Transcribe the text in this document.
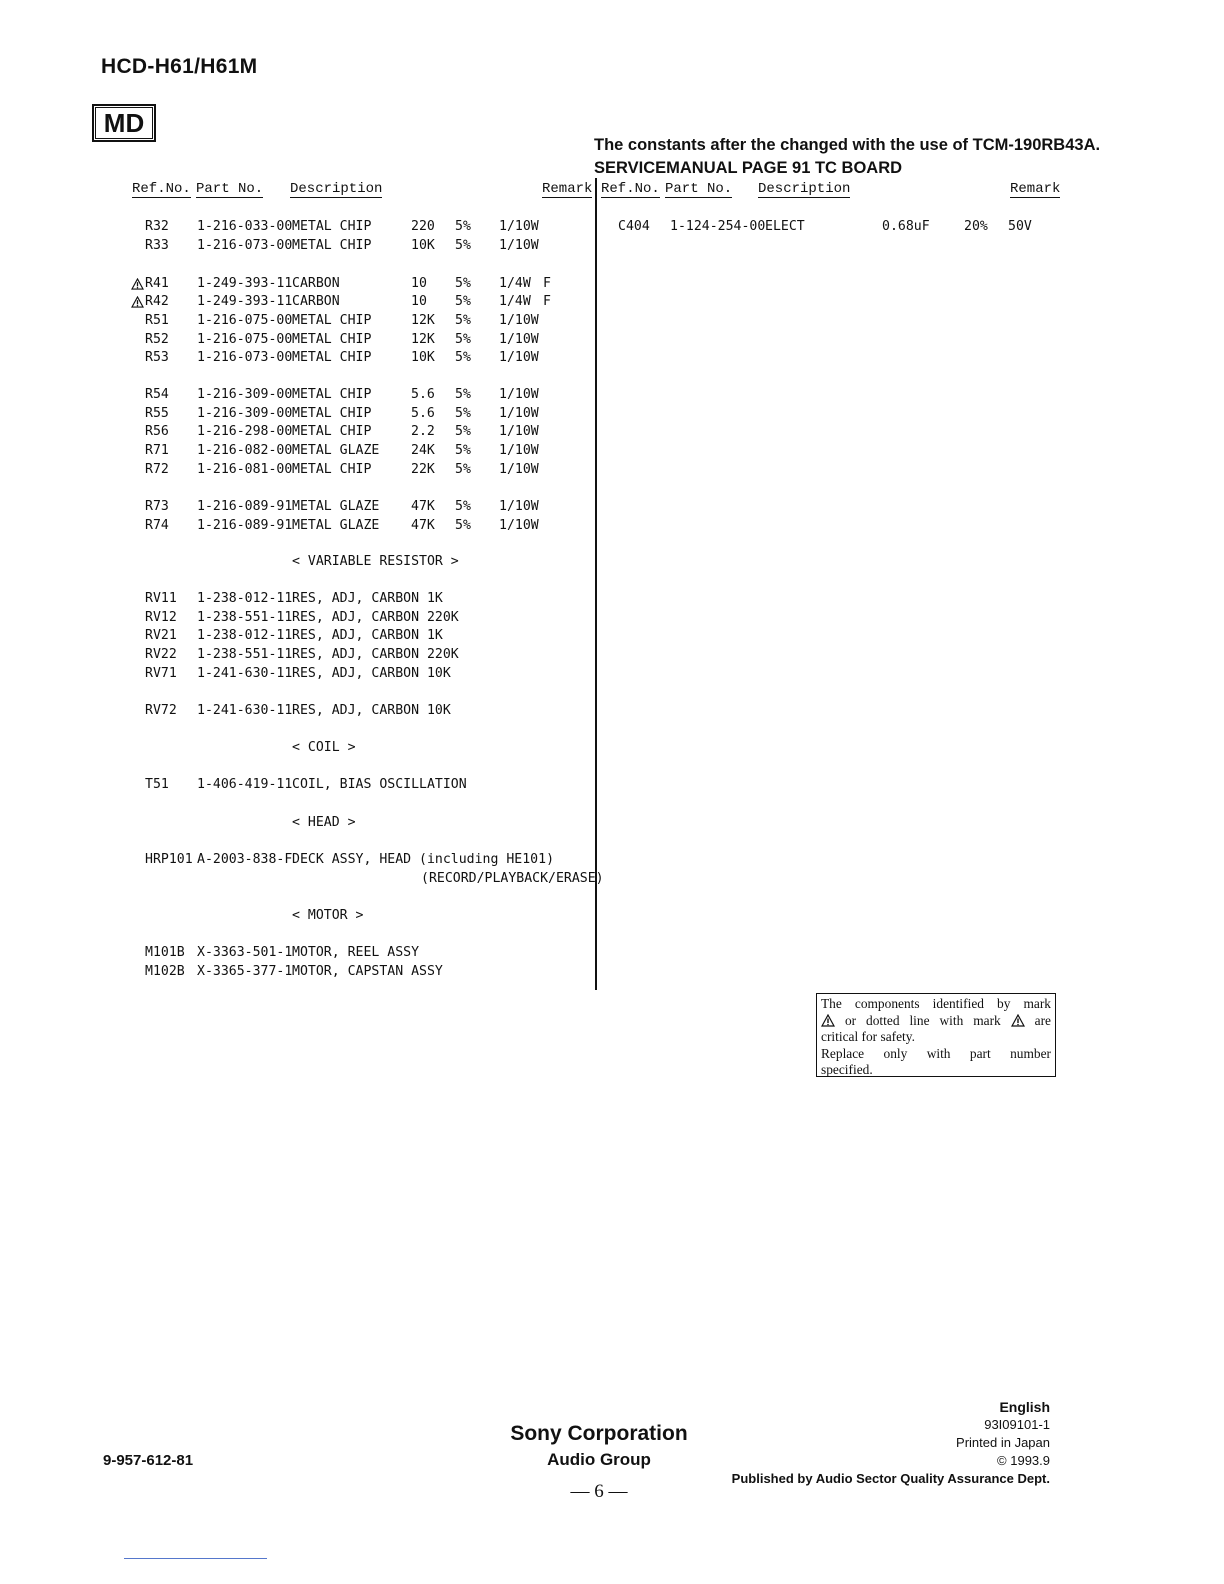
HCD-H61/H61M
MD
The constants after the changed with the use of TCM-190RB43A.
SERVICEMANUAL PAGE 91 TC BOARD
Ref.No. Part No. Description	Remark Ref.No. Part No. Description	Remark
R32 1-216-033-00 METAL CHIP	220 5% 1/10W
R33 1-216-073-00 METAL CHIP	10K 5% 1/10W
R41 1-249-393-11 CARBON	10 5% 1/4W F
R42 1-249-393-11 CARBON	10 5% 1/4W F
R51 1-216-075-00 METAL CHIP	12K 5% 1/10W
R52 1-216-075-00 METAL CHIP	12K 5% 1/10W
R53 1-216-073-00 METAL CHIP	10K 5% 1/10W
R54 1-216-309-00 METAL CHIP	5.6 5% 1/10W
R55 1-216-309-00 METAL CHIP	5.6 5% 1/10W
R56 1-216-298-00 METAL CHIP	2.2 5% 1/10W
R71 1-216-082-00 METAL GLAZE 24K 5% 1/10W
R72 1-216-081-00 METAL CHIP	22K 5% 1/10W
R73 1-216-089-91 METAL GLAZE 47K 5% 1/10W
R74 1-216-089-91 METAL GLAZE 47K 5% 1/10W
< VARIABLE RESISTOR >
RV11 1-238-012-11 RES, ADJ, CARBON 1K
RV12 1-238-551-11 RES, ADJ, CARBON 220K
RV21 1-238-012-11 RES, ADJ, CARBON 1K
RV22 1-238-551-11 RES, ADJ, CARBON 220K
RV71 1-241-630-11 RES, ADJ, CARBON 10K
RV72 1-241-630-11 RES, ADJ, CARBON 10K
< COIL >
T51 1-406-419-11 COIL, BIAS OSCILLATION
< HEAD >
HRP101 A-2003-838-F DECK ASSY, HEAD (including HE101)
(RECORD/PLAYBACK/ERASE)
< MOTOR >
M101B X-3363-501-1 MOTOR, REEL ASSY
M102B X-3365-377-1 MOTOR, CAPSTAN ASSY
C404 1-124-254-00 ELECT	0.68uF	20% 50V
The components identified by mark
or dotted line with mark	are
critical for safety.
Replace only with part number
specified.
9-957-612-81
Sony Corporation
Audio Group
— 6 —
English
93I09101-1
Printed in Japan
© 1993.9
Published by Audio Sector Quality Assurance Dept.
